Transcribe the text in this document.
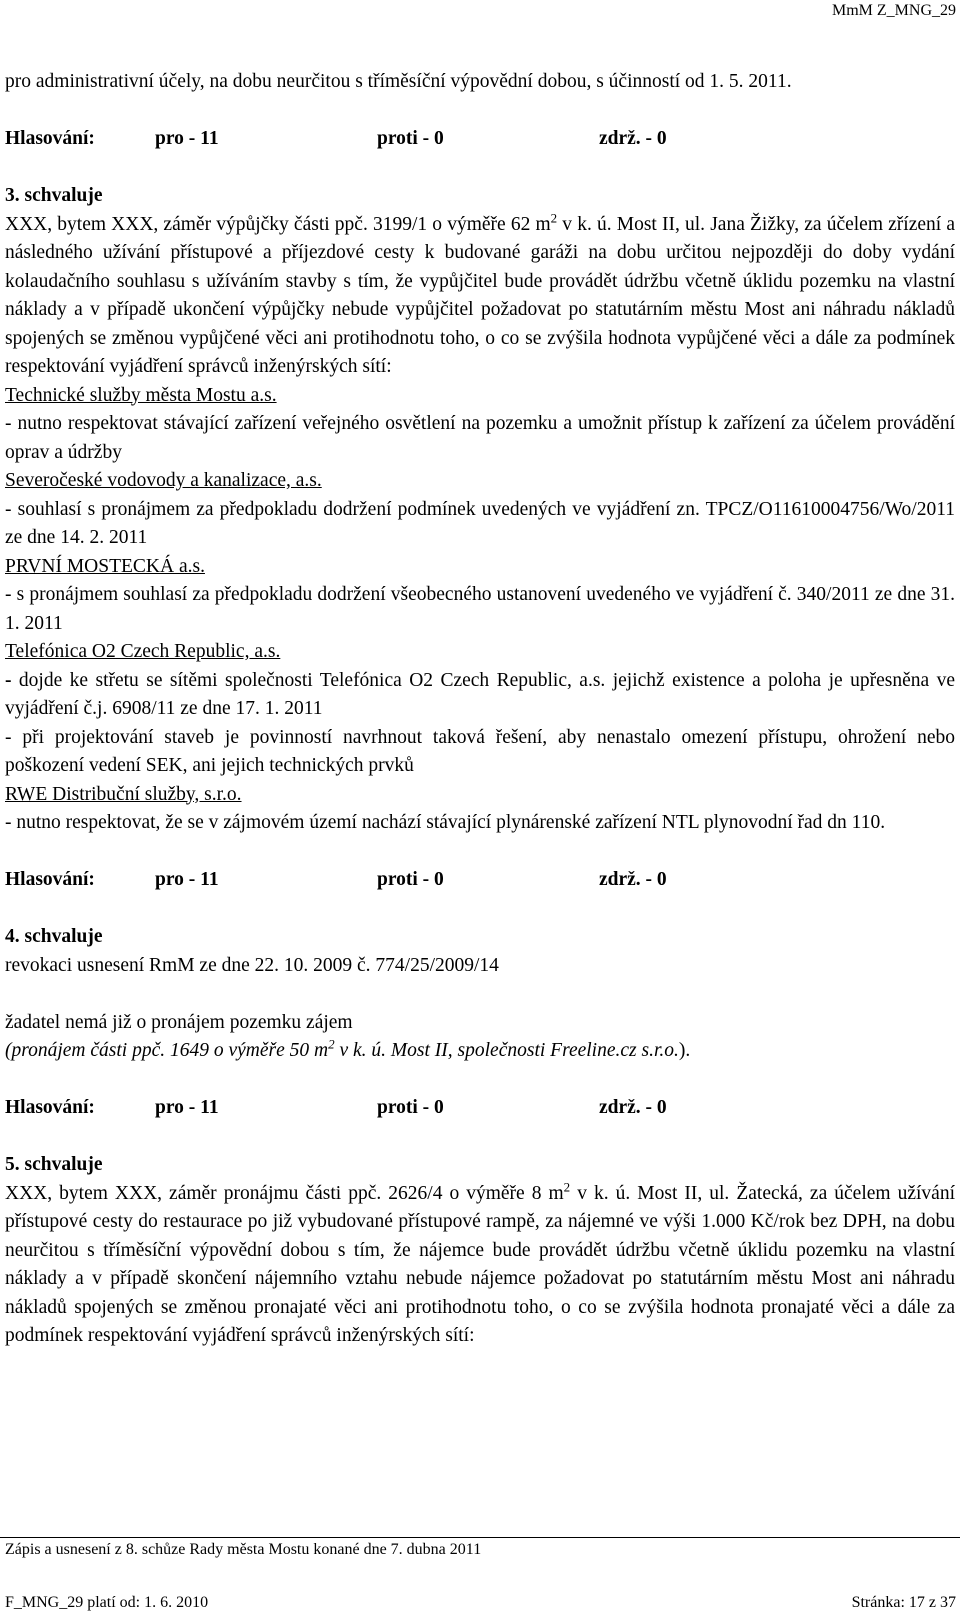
MmM Z_MNG_29

pro administrativní účely, na dobu neurčitou s tříměsíční výpovědní dobou, s účinností od 1. 5. 2011.

Hlasování:	pro - 11	proti - 0	zdrž. - 0

3. schvaluje

XXX, bytem XXX, záměr výpůjčky části ppč. 3199/1 o výměře 62 $m^2$ v k. ú. Most II, ul. Jana Žižky, za účelem zřízení a následného užívání přístupové a příjezdové cesty k budované garáži na dobu určitou nejpozději do doby vydání kolaudačního souhlasu s užíváním stavby s tím, že vypůjčitel bude provádět údržbu včetně úklidu pozemku na vlastní náklady a v případě ukončení výpůjčky nebude vypůjčitel požadovat po statutárním městu Most ani náhradu nákladů spojených se změnou vypůjčené věci ani protihodnotu toho, o co se zvýšila hodnota vypůjčené věci a dále za podmínek respektování vyjádření správců inženýrských sítí:

Technické služby města Mostu a.s.

- nutno respektovat stávající zařízení veřejného osvětlení na pozemku a umožnit přístup k zařízení za účelem provádění oprav a údržby

Severočeské vodovody a kanalizace, a.s.

- souhlasí s pronájmem za předpokladu dodržení podmínek uvedených ve vyjádření zn. TPCZ/O11610004756/Wo/2011 ze dne 14. 2. 2011

PRVNÍ MOSTECKÁ a.s.

- s pronájmem souhlasí za předpokladu dodržení všeobecného ustanovení uvedeného ve vyjádření č. 340/2011 ze dne 31. 1. 2011

Telefónica O2 Czech Republic, a.s.

- dojde ke střetu se sítěmi společnosti Telefónica O2 Czech Republic, a.s. jejichž existence a poloha je upřesněna ve vyjádření č.j. 6908/11 ze dne 17. 1. 2011

- při projektování staveb je povinností navrhnout taková řešení, aby nenastalo omezení přístupu, ohrožení nebo poškození vedení SEK, ani jejich technických prvků

RWE Distribuční služby, s.r.o.

- nutno respektovat, že se v zájmovém území nachází stávající plynárenské zařízení NTL plynovodní řad dn 110.

Hlasování:	pro - 11	proti - 0	zdrž. - 0

4. schvaluje

revokaci usnesení RmM ze dne 22. 10. 2009 č. 774/25/2009/14

žadatel nemá již o pronájem pozemku zájem

(pronájem části ppč. 1649 o výměře 50 $m^2$ v k. ú. Most II, společnosti Freeline.cz s.r.o.).

Hlasování:	pro - 11	proti - 0	zdrž. - 0

5. schvaluje

XXX, bytem XXX, záměr pronájmu části ppč. 2626/4 o výměře 8 $m^2$ v k. ú. Most II, ul. Žatecká, za účelem užívání přístupové cesty do restaurace po již vybudované přístupové rampě, za nájemné ve výši 1.000 Kč/rok bez DPH, na dobu neurčitou s tříměsíční výpovědní dobou s tím, že nájemce bude provádět údržbu včetně úklidu pozemku na vlastní náklady a v případě skončení nájemního vztahu nebude nájemce požadovat po statutárním městu Most ani náhradu nákladů spojených se změnou pronajaté věci ani protihodnotu toho, o co se zvýšila hodnota pronajaté věci a dále za podmínek respektování vyjádření správců inženýrských sítí:

Zápis a usnesení z 8. schůze Rady města Mostu konané dne 7. dubna 2011
F_MNG_29 platí od: 1. 6. 2010	Stránka: 17 z 37
